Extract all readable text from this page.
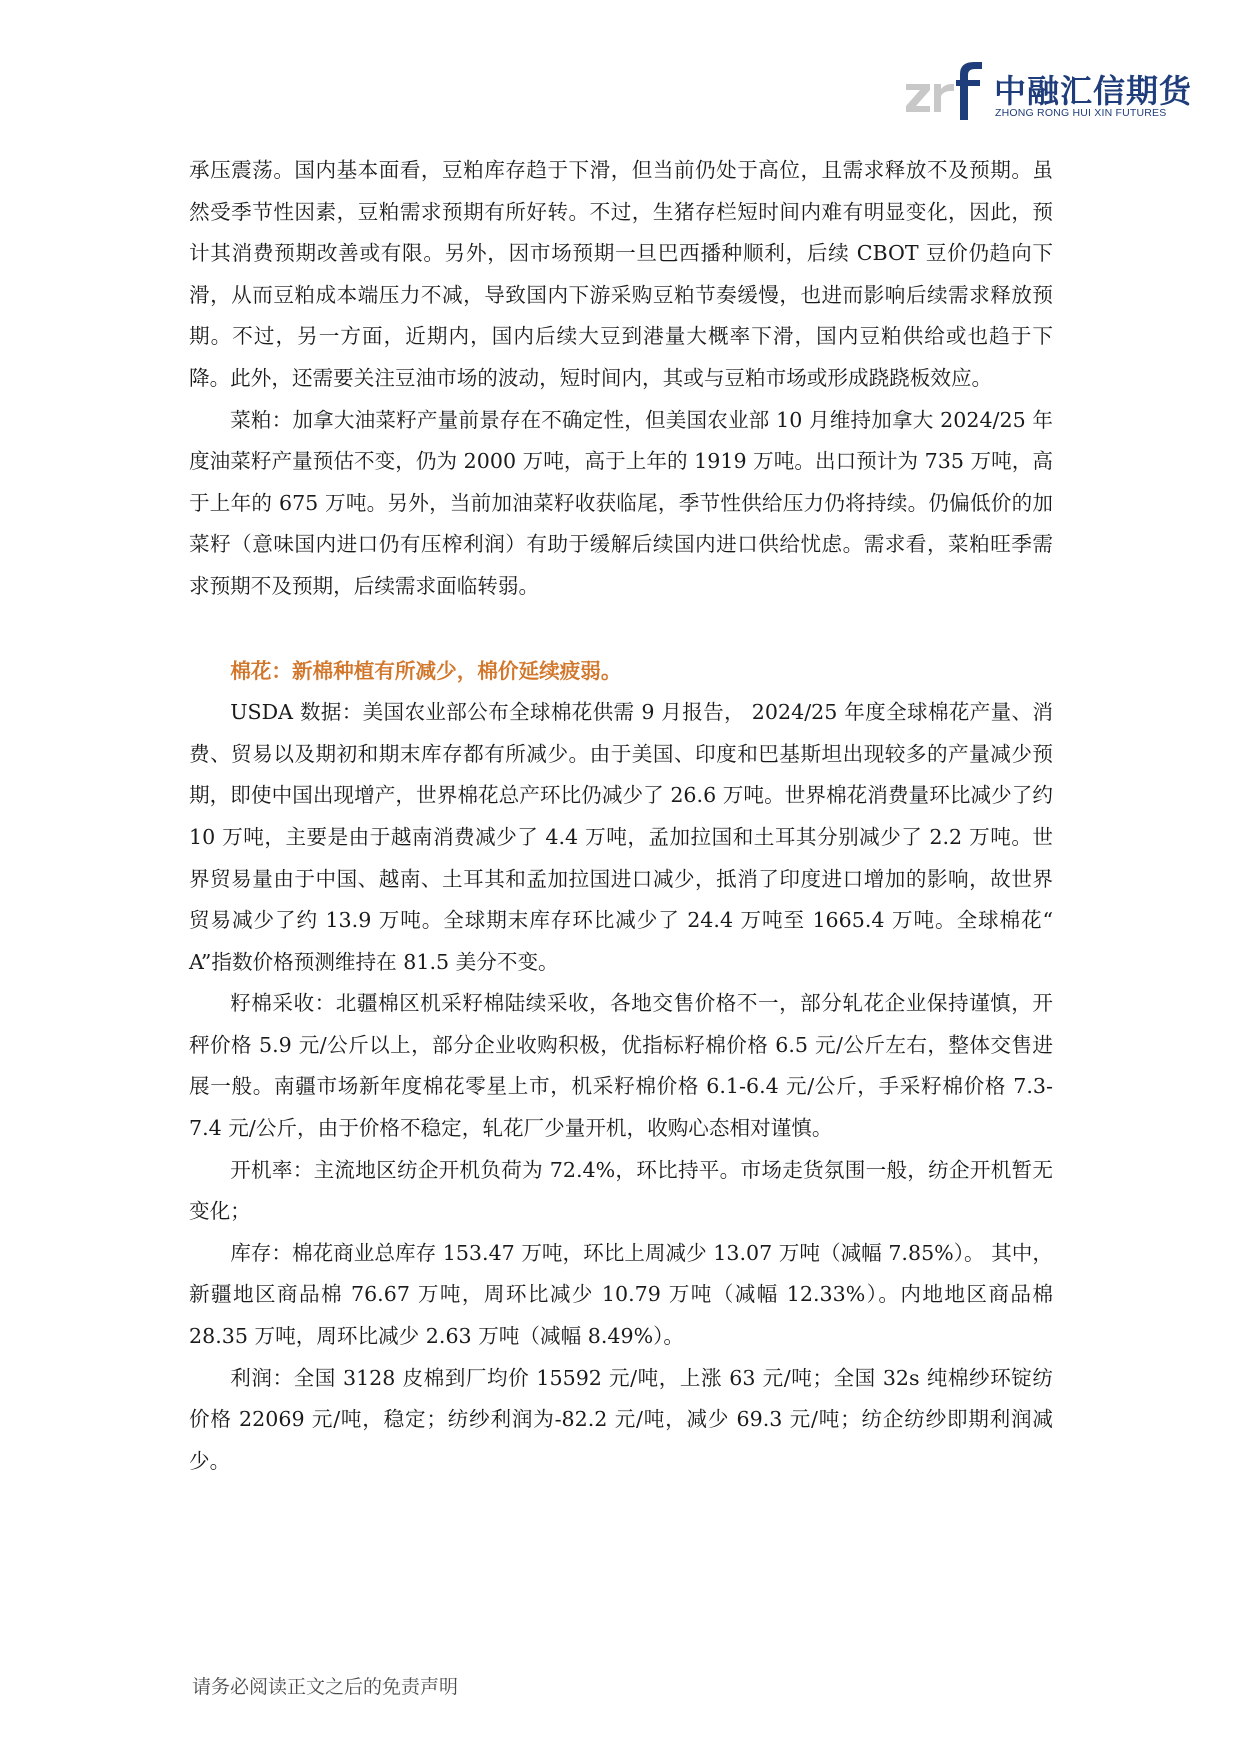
中融汇信期货
ZHONG RONG HUI XIN FUTURES

承压震荡。国内基本面看，豆粕库存趋于下滑，但当前仍处于高位，且需求释放不及预期。虽然受季节性因素，豆粕需求预期有所好转。不过，生猪存栏短时间内难有明显变化，因此，预计其消费预期改善或有限。另外，因市场预期一旦巴西播种顺利，后续 CBOT 豆价仍趋向下滑，从而豆粕成本端压力不减，导致国内下游采购豆粕节奏缓慢，也进而影响后续需求释放预期。不过，另一方面，近期内，国内后续大豆到港量大概率下滑，国内豆粕供给或也趋于下降。此外，还需要关注豆油市场的波动，短时间内，其或与豆粕市场或形成跷跷板效应。

菜粕：加拿大油菜籽产量前景存在不确定性，但美国农业部 10 月维持加拿大 2024/25 年度油菜籽产量预估不变，仍为 2000 万吨，高于上年的 1919 万吨。出口预计为 735 万吨，高于上年的 675 万吨。另外，当前加油菜籽收获临尾，季节性供给压力仍将持续。仍偏低价的加菜籽（意味国内进口仍有压榨利润）有助于缓解后续国内进口供给忧虑。需求看，菜粕旺季需求预期不及预期，后续需求面临转弱。

棉花：新棉种植有所减少，棉价延续疲弱。

USDA 数据：美国农业部公布全球棉花供需 9 月报告， 2024/25 年度全球棉花产量、消费、贸易以及期初和期末库存都有所减少。由于美国、印度和巴基斯坦出现较多的产量减少预期，即使中国出现增产，世界棉花总产环比仍减少了 26.6 万吨。世界棉花消费量环比减少了约 10 万吨，主要是由于越南消费减少了 4.4 万吨，孟加拉国和土耳其分别减少了 2.2 万吨。世界贸易量由于中国、越南、土耳其和孟加拉国进口减少，抵消了印度进口增加的影响，故世界贸易减少了约 13.9 万吨。全球期末库存环比减少了 24.4 万吨至 1665.4 万吨。全球棉花“ A”指数价格预测维持在 81.5 美分不变。

籽棉采收：北疆棉区机采籽棉陆续采收，各地交售价格不一，部分轧花企业保持谨慎，开秤价格 5.9 元/公斤以上，部分企业收购积极，优指标籽棉价格 6.5 元/公斤左右，整体交售进展一般。南疆市场新年度棉花零星上市，机采籽棉价格 6.1-6.4 元/公斤，手采籽棉价格 7.3-7.4 元/公斤，由于价格不稳定，轧花厂少量开机，收购心态相对谨慎。

开机率：主流地区纺企开机负荷为 72.4%，环比持平。市场走货氛围一般，纺企开机暂无变化；

库存：棉花商业总库存 153.47 万吨，环比上周减少 13.07 万吨（减幅 7.85%）。 其中，新疆地区商品棉 76.67 万吨，周环比减少 10.79 万吨（减幅 12.33%）。内地地区商品棉 28.35 万吨，周环比减少 2.63 万吨（减幅 8.49%）。

利润：全国 3128 皮棉到厂均价 15592 元/吨，上涨 63 元/吨；全国 32s 纯棉纱环锭纺价格 22069 元/吨，稳定；纺纱利润为-82.2 元/吨，减少 69.3 元/吨；纺企纺纱即期利润减少。

请务必阅读正文之后的免责声明
